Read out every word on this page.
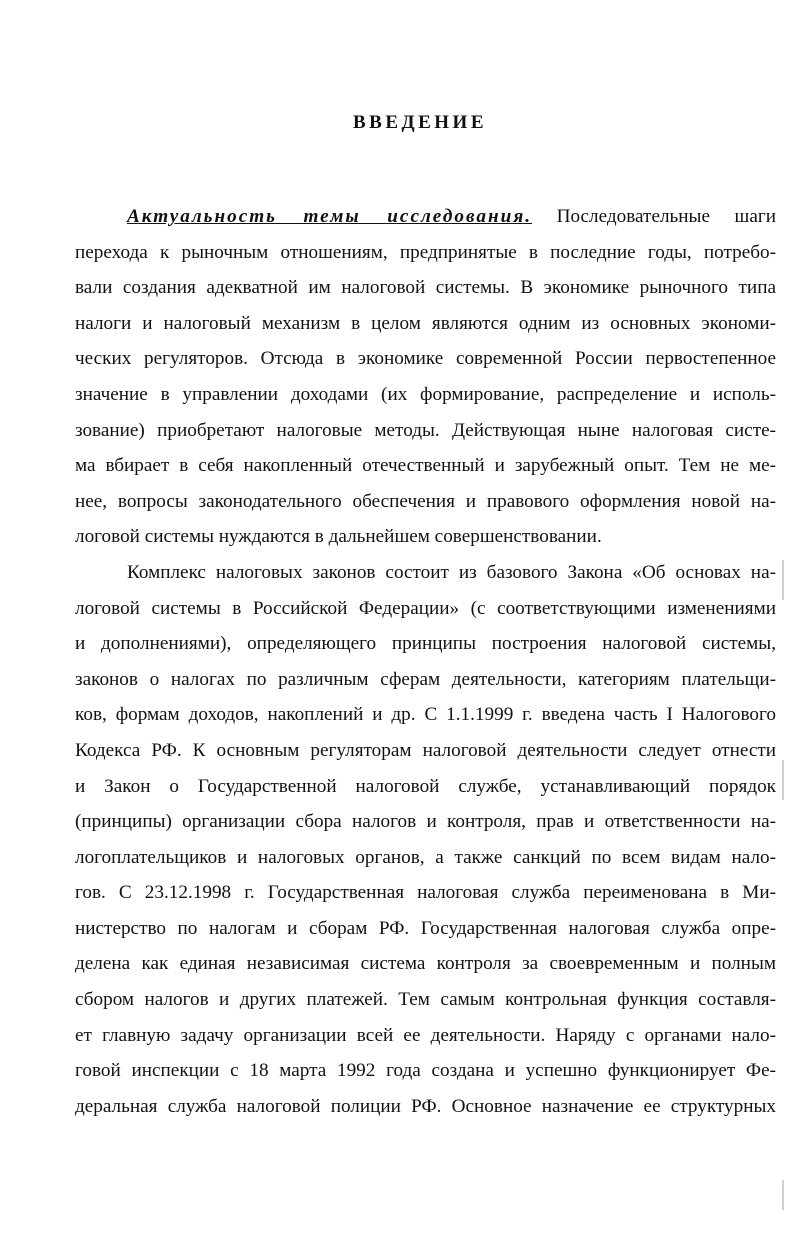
ВВЕДЕНИЕ
Актуальность темы исследования. Последовательные шаги
перехода к рыночным отношениям, предпринятые в последние годы, потребо-
вали создания адекватной им налоговой системы. В экономике рыночного типа
налоги и налоговый механизм в целом являются одним из основных экономи-
ческих регуляторов. Отсюда в экономике современной России первостепенное
значение в управлении доходами (их формирование, распределение и исполь-
зование) приобретают налоговые методы. Действующая ныне налоговая систе-
ма вбирает в себя накопленный отечественный и зарубежный опыт. Тем не ме-
нее, вопросы законодательного обеспечения и правового оформления новой на-
логовой системы нуждаются в дальнейшем совершенствовании.
Комплекс налоговых законов состоит из базового Закона «Об основах на-
логовой системы в Российской Федерации» (с соответствующими изменениями
и дополнениями), определяющего принципы построения налоговой системы,
законов о налогах по различным сферам деятельности, категориям плательщи-
ков, формам доходов, накоплений и др. С 1.1.1999 г. введена часть I Налогового
Кодекса РФ. К основным регуляторам налоговой деятельности следует отнести
и Закон о Государственной налоговой службе, устанавливающий порядок
(принципы) организации сбора налогов и контроля, прав и ответственности на-
логоплательщиков и налоговых органов, а также санкций по всем видам нало-
гов. С 23.12.1998 г. Государственная налоговая служба переименована в Ми-
нистерство по налогам и сборам РФ. Государственная налоговая служба опре-
делена как единая независимая система контроля за своевременным и полным
сбором налогов и других платежей. Тем самым контрольная функция составля-
ет главную задачу организации всей ее деятельности. Наряду с органами нало-
говой инспекции с 18 марта 1992 года создана и успешно функционирует Фе-
деральная служба налоговой полиции РФ. Основное назначение ее структурных
